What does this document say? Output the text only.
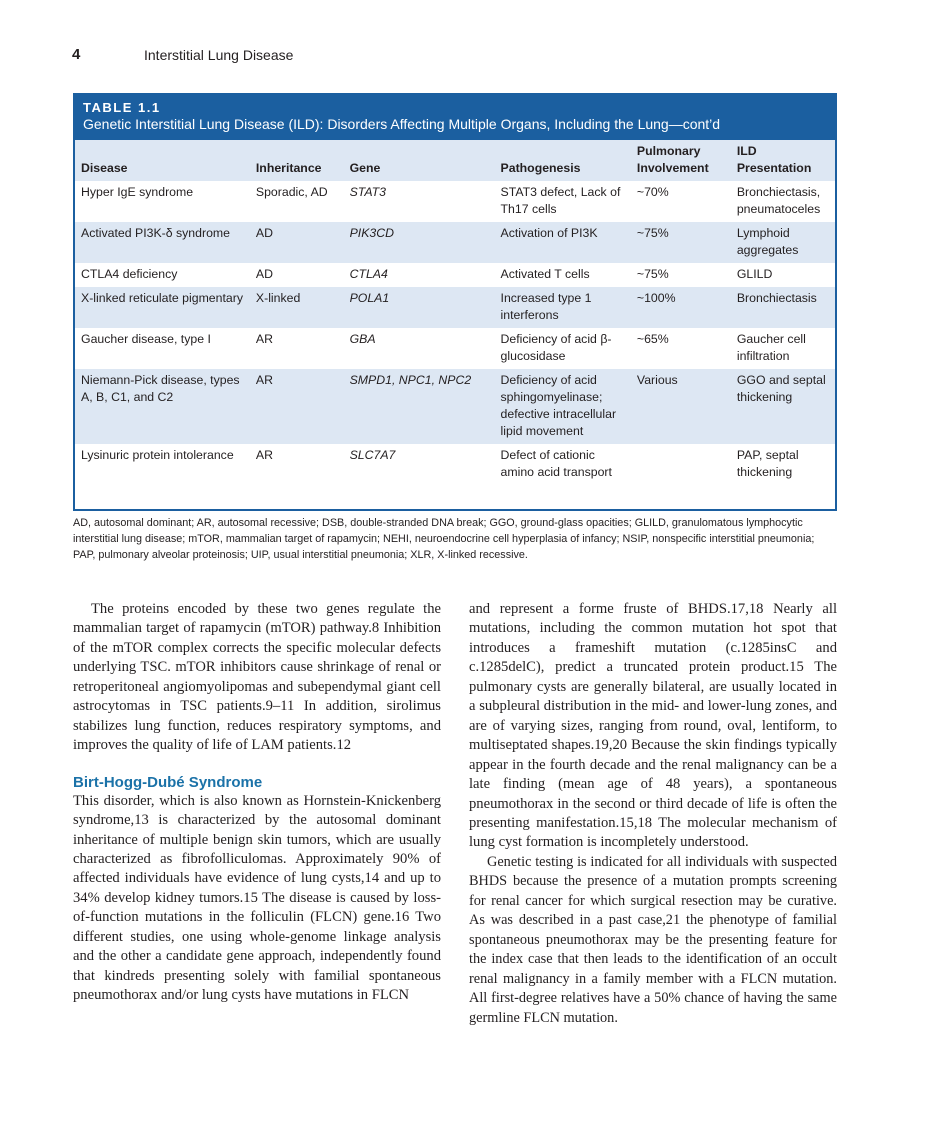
4	Interstitial Lung Disease
TABLE 1.1
Genetic Interstitial Lung Disease (ILD): Disorders Affecting Multiple Organs, Including the Lung—cont’d
Disease	Inheritance	Gene	Pathogenesis	Pulmonary Involvement	ILD Presentation
Hyper IgE syndrome	Sporadic, AD	STAT3	STAT3 defect, Lack of Th17 cells	~70%	Bronchiectasis, pneumatoceles
Activated PI3K-δ syndrome	AD	PIK3CD	Activation of PI3K	~75%	Lymphoid aggregates
CTLA4 deficiency	AD	CTLA4	Activated T cells	~75%	GLILD
X-linked reticulate pigmentary	X-linked	POLA1	Increased type 1 interferons	~100%	Bronchiectasis
Gaucher disease, type I	AR	GBA	Deficiency of acid β-glucosidase	~65%	Gaucher cell infiltration
Niemann-Pick disease, types A, B, C1, and C2	AR	SMPD1, NPC1, NPC2	Deficiency of acid sphingomyelinase; defective intracellular lipid movement	Various	GGO and septal thickening
Lysinuric protein intolerance	AR	SLC7A7	Defect of cationic amino acid transport		PAP, septal thickening
AD, autosomal dominant; AR, autosomal recessive; DSB, double-stranded DNA break; GGO, ground-glass opacities; GLILD, granulomatous lymphocytic interstitial lung disease; mTOR, mammalian target of rapamycin; NEHI, neuroendocrine cell hyperplasia of infancy; NSIP, nonspecific interstitial pneumonia; PAP, pulmonary alveolar proteinosis; UIP, usual interstitial pneumonia; XLR, X-linked recessive.

The proteins encoded by these two genes regulate the mammalian target of rapamycin (mTOR) pathway.8 Inhibition of the mTOR complex corrects the specific molecular defects underlying TSC. mTOR inhibitors cause shrinkage of renal or retroperitoneal angiomyolipomas and subependymal giant cell astrocytomas in TSC patients.9–11 In addition, sirolimus stabilizes lung function, reduces respiratory symptoms, and improves the quality of life of LAM patients.12

Birt-Hogg-Dubé Syndrome

This disorder, which is also known as Hornstein-Knickenberg syndrome,13 is characterized by the autosomal dominant inheritance of multiple benign skin tumors, which are usually characterized as fibrofolliculomas. Approximately 90% of affected individuals have evidence of lung cysts,14 and up to 34% develop kidney tumors.15 The disease is caused by loss-of-function mutations in the folliculin (FLCN) gene.16 Two different studies, one using whole-genome linkage analysis and the other a candidate gene approach, independently found that kindreds presenting solely with familial spontaneous pneumothorax and/or lung cysts have mutations in FLCN

and represent a forme fruste of BHDS.17,18 Nearly all mutations, including the common mutation hot spot that introduces a frameshift mutation (c.1285insC and c.1285delC), predict a truncated protein product.15 The pulmonary cysts are generally bilateral, are usually located in a subpleural distribution in the mid- and lower-lung zones, and are of varying sizes, ranging from round, oval, lentiform, to multiseptated shapes.19,20 Because the skin findings typically appear in the fourth decade and the renal malignancy can be a late finding (mean age of 48 years), a spontaneous pneumothorax in the second or third decade of life is often the presenting manifestation.15,18 The molecular mechanism of lung cyst formation is incompletely understood.

Genetic testing is indicated for all individuals with suspected BHDS because the presence of a mutation prompts screening for renal cancer for which surgical resection may be curative. As was described in a past case,21 the phenotype of familial spontaneous pneumothorax may be the presenting feature for the index case that then leads to the identification of an occult renal malignancy in a family member with a FLCN mutation. All first-degree relatives have a 50% chance of having the same germline FLCN mutation.
